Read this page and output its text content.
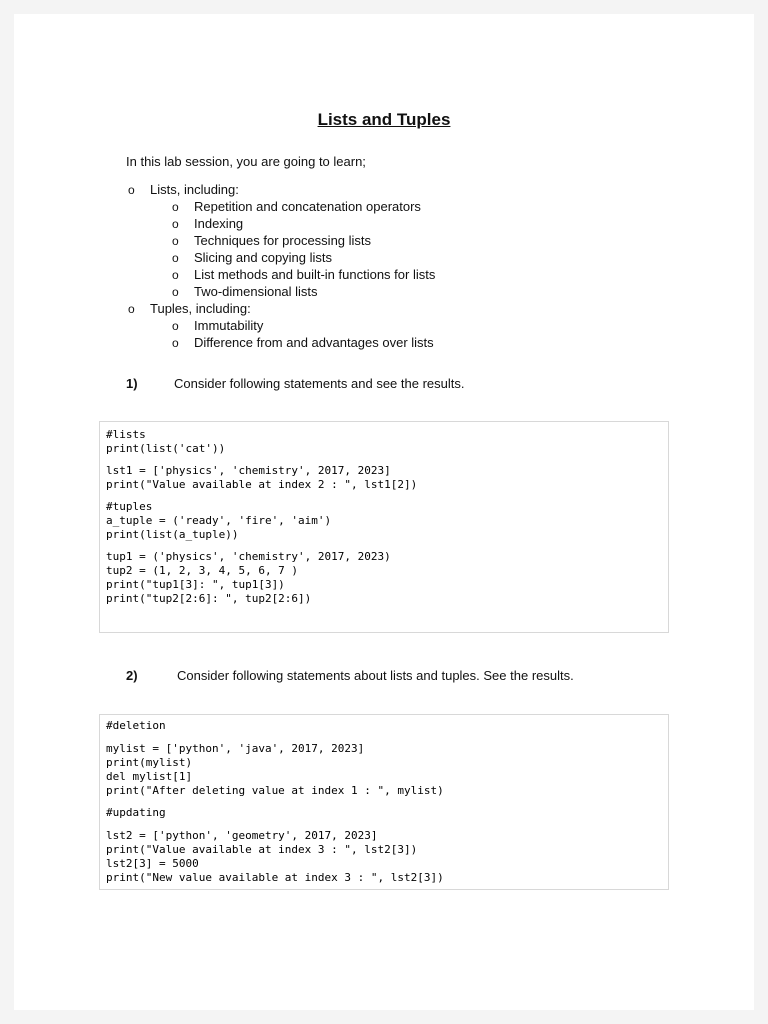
Lists and Tuples
In this lab session, you are going to learn;
o Lists, including:
o Repetition and concatenation operators
o Indexing
o Techniques for processing lists
o Slicing and copying lists
o List methods and built-in functions for lists
o Two-dimensional lists
o Tuples, including:
o Immutability
o Difference from and advantages over lists
1)	Consider following statements and see the results.
#lists
print(list('cat'))
lst1 = ['physics', 'chemistry', 2017, 2023]
print("Value available at index 2 : ", lst1[2])
#tuples
a_tuple = ('ready', 'fire', 'aim')
print(list(a_tuple))
tup1 = ('physics', 'chemistry', 2017, 2023)
tup2 = (1, 2, 3, 4, 5, 6, 7 )
print("tup1[3]: ", tup1[3])
print("tup2[2:6]: ", tup2[2:6])
2)	Consider following statements about lists and tuples. See the results.
#deletion
mylist = ['python', 'java', 2017, 2023]
print(mylist)
del mylist[1]
print("After deleting value at index 1 : ", mylist)
#updating
lst2 = ['python', 'geometry', 2017, 2023]
print("Value available at index 3 : ", lst2[3])
lst2[3] = 5000
print("New value available at index 3 : ", lst2[3])
